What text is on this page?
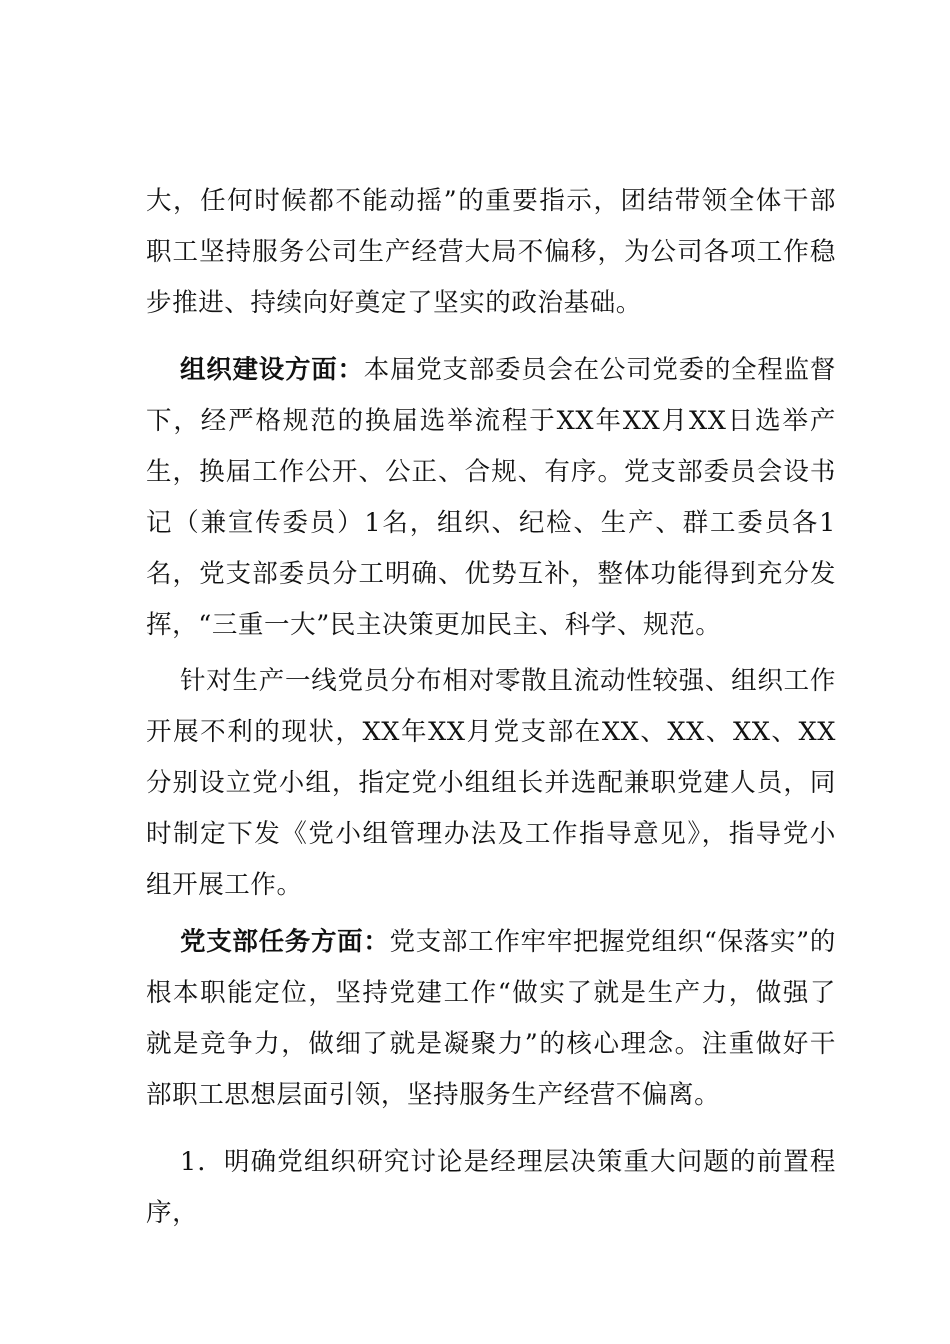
大，任何时候都不能动摇”的重要指示，团结带领全体干部职工坚持服务公司生产经营大局不偏移，为公司各项工作稳步推进、持续向好奠定了坚实的政治基础。

组织建设方面：本届党支部委员会在公司党委的全程监督下，经严格规范的换届选举流程于XX年XX月XX日选举产生，换届工作公开、公正、合规、有序。党支部委员会设书记（兼宣传委员）1名，组织、纪检、生产、群工委员各1名，党支部委员分工明确、优势互补，整体功能得到充分发挥，“三重一大”民主决策更加民主、科学、规范。

针对生产一线党员分布相对零散且流动性较强、组织工作开展不利的现状，XX年XX月党支部在XX、XX、XX、XX分别设立党小组，指定党小组组长并选配兼职党建人员，同时制定下发《党小组管理办法及工作指导意见》，指导党小组开展工作。

党支部任务方面：党支部工作牢牢把握党组织“保落实”的根本职能定位，坚持党建工作“做实了就是生产力，做强了就是竞争力，做细了就是凝聚力”的核心理念。注重做好干部职工思想层面引领，坚持服务生产经营不偏离。

1．明确党组织研究讨论是经理层决策重大问题的前置程序，
